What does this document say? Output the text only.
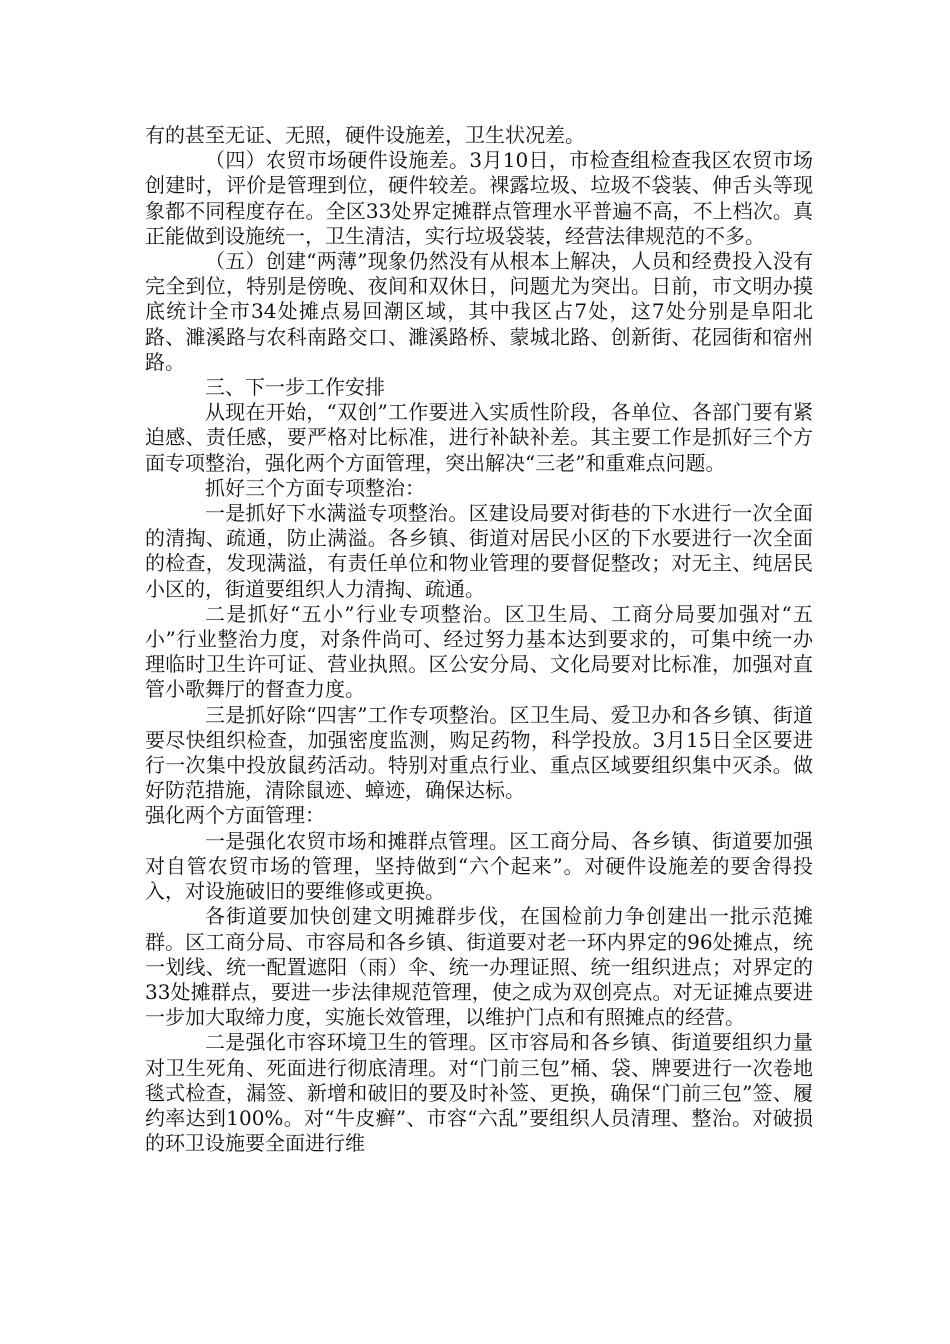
有的甚至无证、无照，硬件设施差，卫生状况差。

（四）农贸市场硬件设施差。3月10日，市检查组检查我区农贸市场创建时，评价是管理到位，硬件较差。裸露垃圾、垃圾不袋装、伸舌头等现象都不同程度存在。全区33处界定摊群点管理水平普遍不高，不上档次。真正能做到设施统一，卫生清洁，实行垃圾袋装，经营法律规范的不多。

（五）创建“两薄”现象仍然没有从根本上解决，人员和经费投入没有完全到位，特别是傍晚、夜间和双休日，问题尤为突出。日前，市文明办摸底统计全市34处摊点易回潮区域，其中我区占7处，这7处分别是阜阳北路、濉溪路与农科南路交口、濉溪路桥、蒙城北路、创新街、花园街和宿州路。

三、下一步工作安排

从现在开始，“双创”工作要进入实质性阶段，各单位、各部门要有紧迫感、责任感，要严格对比标准，进行补缺补差。其主要工作是抓好三个方面专项整治，强化两个方面管理，突出解决“三老”和重难点问题。

抓好三个方面专项整治：

一是抓好下水满溢专项整治。区建设局要对街巷的下水进行一次全面的清掏、疏通，防止满溢。各乡镇、街道对居民小区的下水要进行一次全面的检查，发现满溢，有责任单位和物业管理的要督促整改；对无主、纯居民小区的，街道要组织人力清掏、疏通。

二是抓好“五小”行业专项整治。区卫生局、工商分局要加强对“五小”行业整治力度，对条件尚可、经过努力基本达到要求的，可集中统一办理临时卫生许可证、营业执照。区公安分局、文化局要对比标准，加强对直管小歌舞厅的督查力度。

三是抓好除“四害”工作专项整治。区卫生局、爱卫办和各乡镇、街道要尽快组织检查，加强密度监测，购足药物，科学投放。3月15日全区要进行一次集中投放鼠药活动。特别对重点行业、重点区域要组织集中灭杀。做好防范措施，清除鼠迹、蟑迹，确保达标。

强化两个方面管理：

一是强化农贸市场和摊群点管理。区工商分局、各乡镇、街道要加强对自管农贸市场的管理，坚持做到“六个起来”。对硬件设施差的要舍得投入，对设施破旧的要维修或更换。

各街道要加快创建文明摊群步伐，在国检前力争创建出一批示范摊群。区工商分局、市容局和各乡镇、街道要对老一环内界定的96处摊点，统一划线、统一配置遮阳（雨）伞、统一办理证照、统一组织进点；对界定的33处摊群点，要进一步法律规范管理，使之成为双创亮点。对无证摊点要进一步加大取缔力度，实施长效管理，以维护门点和有照摊点的经营。

二是强化市容环境卫生的管理。区市容局和各乡镇、街道要组织力量对卫生死角、死面进行彻底清理。对“门前三包”桶、袋、牌要进行一次卷地毯式检查，漏签、新增和破旧的要及时补签、更换，确保“门前三包”签、履约率达到100%。对“牛皮癣”、市容“六乱”要组织人员清理、整治。对破损的环卫设施要全面进行维
